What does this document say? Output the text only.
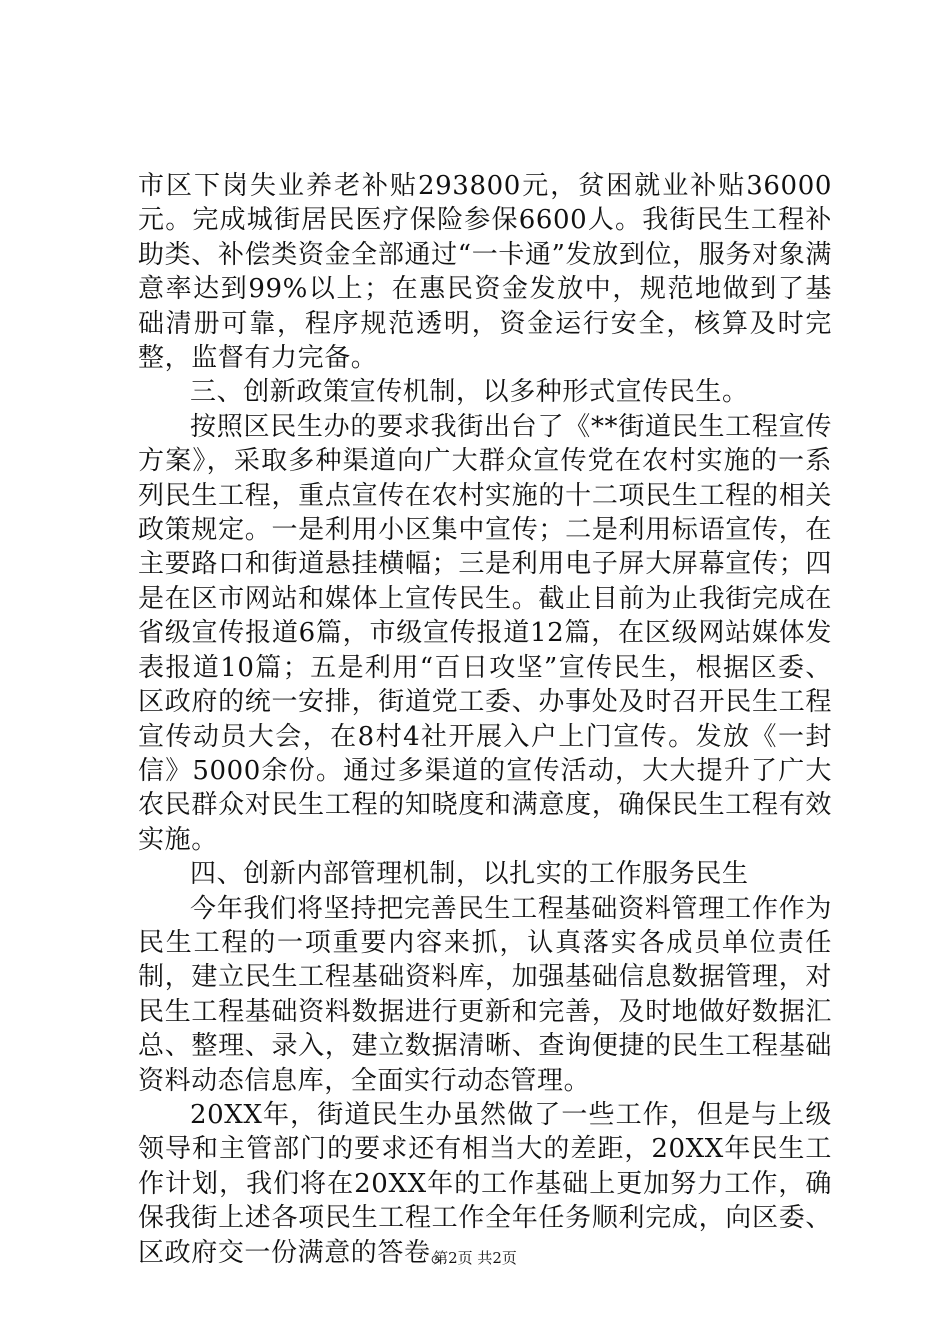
市区下岗失业养老补贴293800元，贫困就业补贴36000元。完成城街居民医疗保险参保6600人。我街民生工程补助类、补偿类资金全部通过“一卡通”发放到位，服务对象满意率达到99%以上；在惠民资金发放中，规范地做到了基础清册可靠，程序规范透明，资金运行安全，核算及时完整，监督有力完备。

三、创新政策宣传机制，以多种形式宣传民生。

按照区民生办的要求我街出台了《**街道民生工程宣传方案》，采取多种渠道向广大群众宣传党在农村实施的一系列民生工程，重点宣传在农村实施的十二项民生工程的相关政策规定。一是利用小区集中宣传；二是利用标语宣传，在主要路口和街道悬挂横幅；三是利用电子屏大屏幕宣传；四是在区市网站和媒体上宣传民生。截止目前为止我街完成在省级宣传报道6篇，市级宣传报道12篇，在区级网站媒体发表报道10篇；五是利用“百日攻坚”宣传民生，根据区委、区政府的统一安排，街道党工委、办事处及时召开民生工程宣传动员大会，在8村4社开展入户上门宣传。发放《一封信》5000余份。通过多渠道的宣传活动，大大提升了广大农民群众对民生工程的知晓度和满意度，确保民生工程有效实施。

四、创新内部管理机制，以扎实的工作服务民生

今年我们将坚持把完善民生工程基础资料管理工作作为民生工程的一项重要内容来抓，认真落实各成员单位责任制，建立民生工程基础资料库，加强基础信息数据管理，对民生工程基础资料数据进行更新和完善，及时地做好数据汇总、整理、录入，建立数据清晰、查询便捷的民生工程基础资料动态信息库，全面实行动态管理。

20XX年，街道民生办虽然做了一些工作，但是与上级领导和主管部门的要求还有相当大的差距，20XX年民生工作计划，我们将在20XX年的工作基础上更加努力工作，确保我街上述各项民生工程工作全年任务顺利完成，向区委、区政府交一份满意的答卷。

第2页 共2页
